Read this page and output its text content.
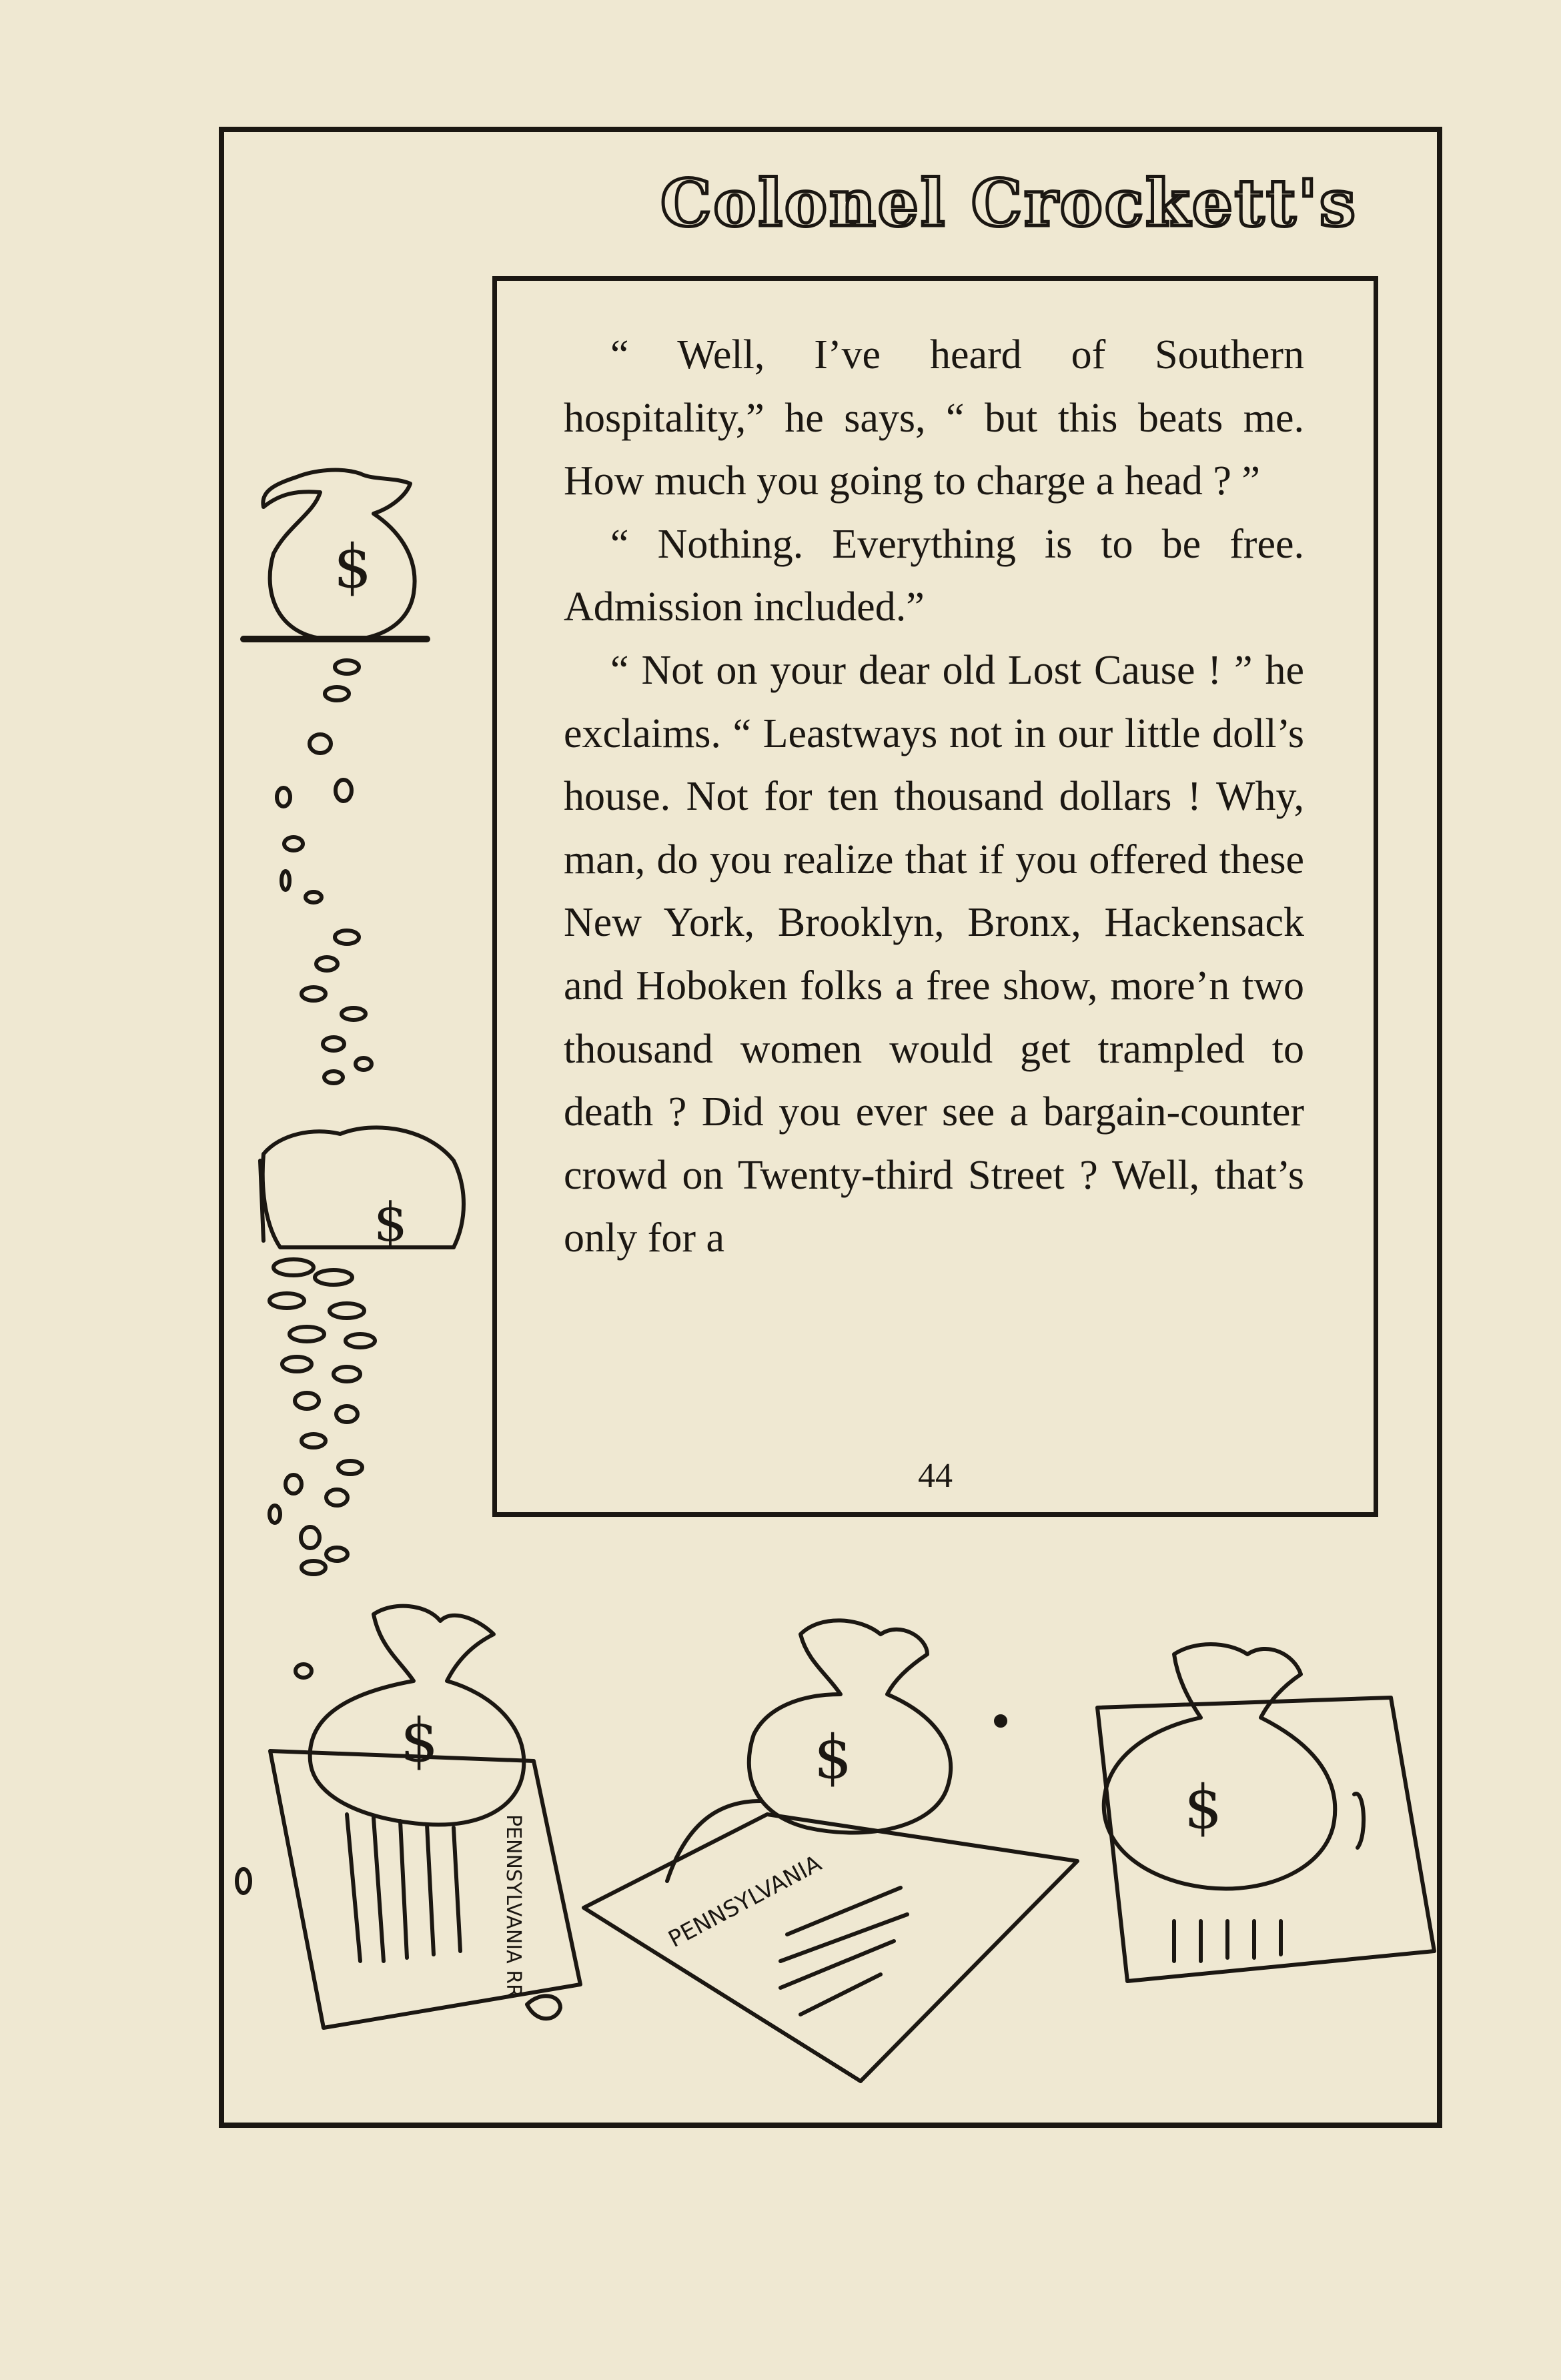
Colonel Crockett's

“ Well, I’ve heard of Southern hospitality,” he says, “ but this beats me. How much you going to charge a head ? ”

“ Nothing. Everything is to be free. Admission included.”

“ Not on your dear old Lost Cause ! ” he exclaims. “ Leastways not in our little doll’s house. Not for ten thousand dollars ! Why, man, do you realize that if you offered these New York, Brooklyn, Bronx, Hackensack and Hoboken folks a free show, more’n two thousand women would get trampled to death ? Did you ever see a bargain-counter crowd on Twenty-third Street ? Well, that’s only for a

44
$
$
$
PENNSYLVANIA RR	PENNSYLVANIA
$
$
